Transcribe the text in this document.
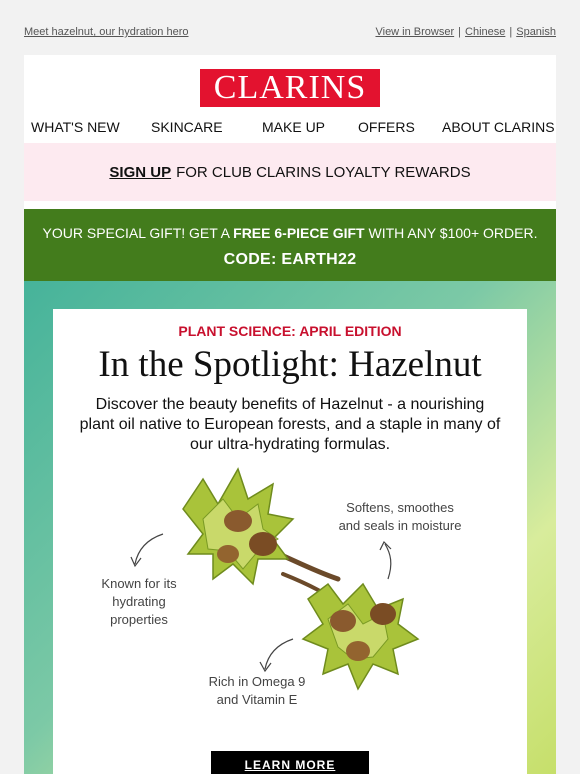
Meet hazelnut, our hydration hero	View in Browser | Chinese | Spanish
CLARINS
WHAT'S NEW SKINCARE	MAKE UP OFFERS ABOUT CLARINS
SIGN UP FOR CLUB CLARINS LOYALTY REWARDS
YOUR SPECIAL GIFT! GET A FREE 6-PIECE GIFT WITH ANY $100+ ORDER.
CODE: EARTH22
PLANT SCIENCE: APRIL EDITION
In the Spotlight: Hazelnut
Discover the beauty benefits of Hazelnut - a nourishing plant oil native to European forests, and a staple in many of our ultra-hydrating formulas.
Known for its
hydrating
properties
Softens, smoothes
and seals in moisture
Rich in Omega 9
and Vitamin E
LEARN MORE
